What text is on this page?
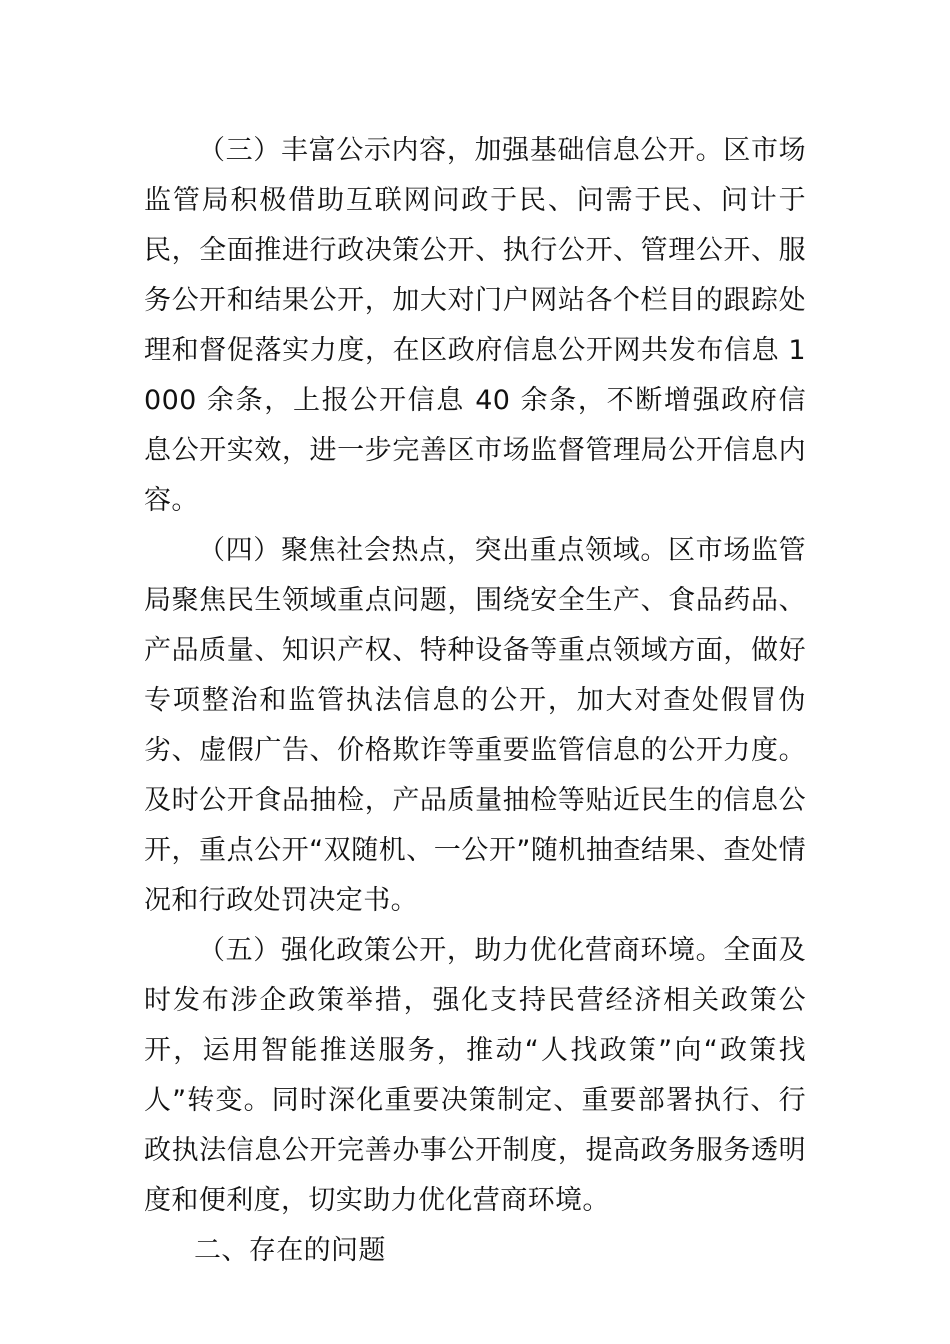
（三）丰富公示内容，加强基础信息公开。区市场监管局积极借助互联网问政于民、问需于民、问计于民，全面推进行政决策公开、执行公开、管理公开、服务公开和结果公开，加大对门户网站各个栏目的跟踪处理和督促落实力度，在区政府信息公开网共发布信息 1000 余条，上报公开信息 40 余条，不断增强政府信息公开实效，进一步完善区市场监督管理局公开信息内容。

（四）聚焦社会热点，突出重点领域。区市场监管局聚焦民生领域重点问题，围绕安全生产、食品药品、产品质量、知识产权、特种设备等重点领域方面，做好专项整治和监管执法信息的公开，加大对查处假冒伪劣、虚假广告、价格欺诈等重要监管信息的公开力度。及时公开食品抽检，产品质量抽检等贴近民生的信息公开，重点公开“双随机、一公开”随机抽查结果、查处情况和行政处罚决定书。

（五）强化政策公开，助力优化营商环境。全面及时发布涉企政策举措，强化支持民营经济相关政策公开，运用智能推送服务，推动“人找政策”向“政策找人”转变。同时深化重要决策制定、重要部署执行、行政执法信息公开完善办事公开制度，提高政务服务透明度和便利度，切实助力优化营商环境。

二、存在的问题
